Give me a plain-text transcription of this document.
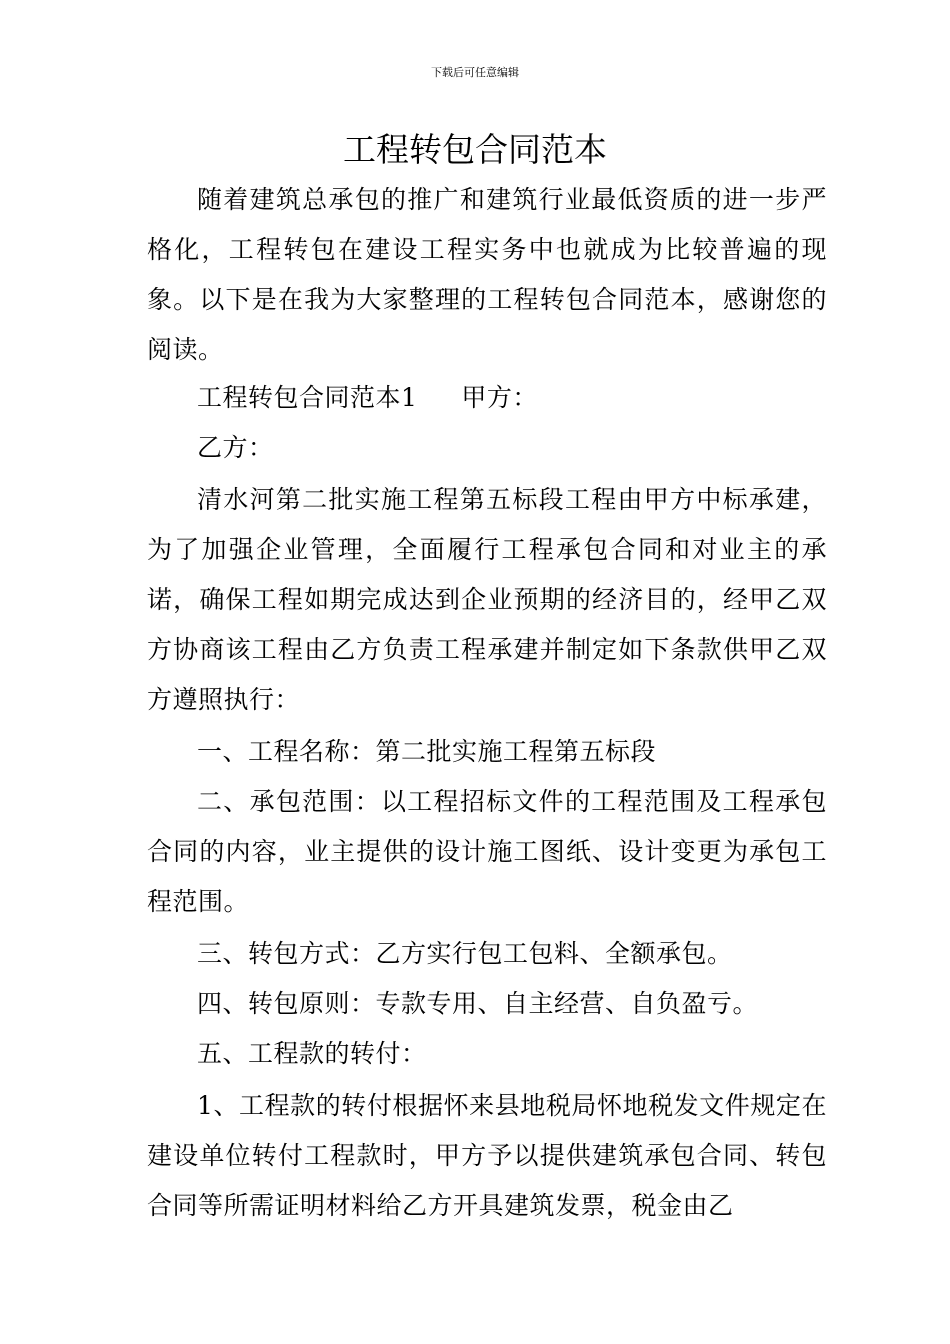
下载后可任意编辑
工程转包合同范本

随着建筑总承包的推广和建筑行业最低资质的进一步严格化，工程转包在建设工程实务中也就成为比较普遍的现象。以下是在我为大家整理的工程转包合同范本，感谢您的阅读。

工程转包合同范本1 甲方：

乙方：

清水河第二批实施工程第五标段工程由甲方中标承建，为了加强企业管理，全面履行工程承包合同和对业主的承诺，确保工程如期完成达到企业预期的经济目的，经甲乙双方协商该工程由乙方负责工程承建并制定如下条款供甲乙双方遵照执行：

一、工程名称：第二批实施工程第五标段

二、承包范围：以工程招标文件的工程范围及工程承包合同的内容，业主提供的设计施工图纸、设计变更为承包工程范围。

三、转包方式：乙方实行包工包料、全额承包。

四、转包原则：专款专用、自主经营、自负盈亏。

五、工程款的转付：

1、工程款的转付根据怀来县地税局怀地税发文件规定在建设单位转付工程款时，甲方予以提供建筑承包合同、转包合同等所需证明材料给乙方开具建筑发票，税金由乙
